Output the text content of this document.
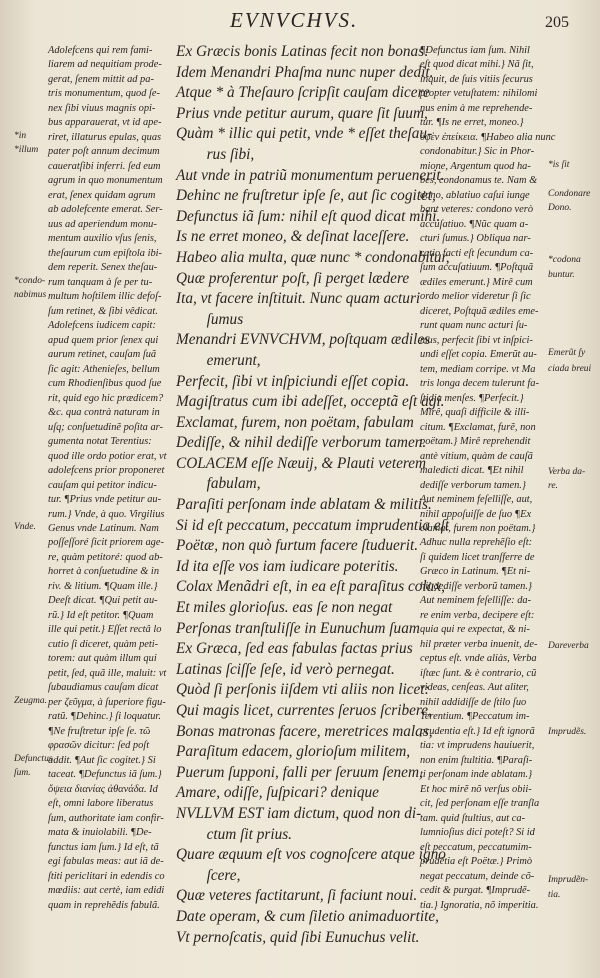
EVNVCHVS.	205
Adolefcens qui rem fami-
liarem ad nequitiam prode-
gerat, ſenem mittit ad pa-
tris monumentum, quod ſe-
nex ſibi viuus magnis opi-
bus apparauerat, vt id ape-
riret, illaturus epulas, quas
pater poſt annum decimum
caueratſibi inferri. ſed eum
agrum in quo monumentum
erat, ſenex quidam agrum
ab adolefcente emerat. Ser-
uus ad aperiendum monu-
mentum auxilio vſus ſenis,
theſaurum cum epiſtola ibi-
dem reperit. Senex theſau-
rum tanquam à ſe per tu-
multum hoſtilem illic defoſ-
ſum retinet, & ſibi vêdicat.
Adolefcens iudicem capit:
apud quem prior ſenex qui
aurum retinet, cauſam ſuã
ſic agit: Athenieſes, bellum
cum Rhodienſibus quod ſue
rit, quid ego hic prædicem?
&c. qua contrà naturam in
uſq; conſuetudinẽ poſita ar-
gumenta notat Terentius:
quod ille ordo potior erat, vt
adolefcens prior proponeret
cauſam qui petitor indicu-
tur. ¶Prius vnde petitur au-
rum.} Vnde, à quo. Virgilius
Genus vnde Latinum. Nam
poſſeſſoré ſicit priorem age-
re, quàm petitoré: quod ab-
horret à conſuetudine & in
riv. & litium. ¶Quam ille.}
Deeſt dicat. ¶Qui petit au-
rũ.} Id eſt petitor. ¶Quam
ille qui petit.} Eſſet rectâ lo
cutio ſi diceret, quàm peti-
torem: aut quàm illum qui
petit, ſed, quã ille, maluit: vt
ſubaudiamus cauſam dicat
per ζεῦγμα, à ſuperiore figu-
ratũ. ¶Dehinc.} ſi loquatur.
¶Ne fruſtretur ipſe ſe. τῶ
φρασῶν dicitur: ſed poſt
addit. ¶Aut ſic cogitet.} Si
taceat. ¶Defunctus iã ſum.}
ὄψεια διανίας ἀθανάδα. Id
eſt, omni labore liberatus
ſum, authoritate iam confir-
mata & inuiolabili. ¶De-
functus iam ſum.} Id eſt, tã
egi fabulas meas: aut iã de-
ſtiti periclitari in edendis co
mœdiis: aut certè, iam edidi
quam in reprehẽdis fabulã.
*in
*illum
*condo-
nabimus
Vnde.
Zeugma.
Defunctus
ſum.
Ex Græcis bonis Latinas fecit non bonas:
Idem Menandri Phaſma nunc nuper dedit.
Atque * à Theſauro ſcripſit cauſam dicere
Prius vnde petitur aurum, quare ſit ſuum,
Quàm * illic qui petit, vnde * eſſet theſau-
rus ſibi,
Aut vnde in patriũ monumentum peruenerit.
Dehinc ne fruſtretur ipſe ſe, aut ſic cogitet,
Defunctus iã ſum: nihil eſt quod dicat mihi.
Is ne erret moneo, & deſinat laceſſere.
Habeo alia multa, quæ nunc * condonabitur,
Quæ proferentur poſt, ſi perget lædere
Ita, vt facere inſtituit. Nunc quam acturi
ſumus
Menandri EVNVCHVM, poſtquam ædiles
emerunt,
Perfecit, ſibi vt inſpiciundi eſſet copia.
Magiſtratus cum ibi adeſſet, occeptã eſt agi.
Exclamat, furem, non poëtam, fabulam
Dediſſe, & nihil dediſſe verborum tamen.
COLACEM eſſe Næuij, & Plauti veterem
fabulam,
Paraſiti perſonam inde ablatam & militis.
Si id eſt peccatum, peccatum imprudentia eſt
Poëtæ, non quò furtum facere ſtuduerit.
Id ita eſſe vos iam iudicare poteritis.
Colax Menãdri eſt, in ea eſt paraſitus colax,
Et miles glorioſus. eas ſe non negat
Perſonas tranſtuliſſe in Eunuchum ſuam
Ex Græca, ſed eas fabulas factas prius
Latinas ſciſſe ſeſe, id verò pernegat.
Quòd ſi perſonis iiſdem vti aliis non licet:
Qui magis licet, currentes ſeruos ſcribere,
Bonas matronas facere, meretrices malas,
Paraſitum edacem, glorioſum militem,
Puerum ſupponi, falli per ſeruum ſenem,
Amare, odiſſe, ſuſpicari? denique
NVLLVM EST iam dictum, quod non di-
ctum ſit prius.
Quare æquum eſt vos cognoſcere atque igno
ſcere,
Quæ veteres factitarunt, ſi faciunt noui.
Date operam, & cum ſiletio animaduortite,
Vt pernoſcatis, quid ſibi Eunuchus velit.
¶Defunctus iam ſum. Nihil
eſt quod dicat mihi.} Nã ſit,
inquit, de ſuis vitiis ſecurus
propter vetuſtatem: nihilomi
nus enim à me reprehende-
tur. ¶Is ne erret, moneo.}
ὑφὲν ἐπείκεια. ¶Habeo alia nunc
condonabitur.} Sic in Phor-
mione, Argentum quod ha-
bes, condonamus te. Nam &
dono, ablatiuo caſui iunge
bant veteres: condono verò
accuſatiuo. ¶Nũc quam a-
cturi ſumus.} Obliqua nar-
ratio facti eſt ſecundum ca-
ſum accuſatiuum. ¶Poſtquã
ædiles emerunt.} Mirê cum
ordo melior videretur ſi ſic
diceret, Poſtquã ædiles eme-
runt quam nunc acturi ſu-
mus, perfecit ſibi vt inſpici-
undi eſſet copia. Emerũt au-
tem, mediam corripe. vt Ma
tris longa decem tulerunt fa-
ſtidia menſes. ¶Perfecit.}
Mirê, quaſi difficile & illi-
citum. ¶Exclamat, furẽ, non
poëtam.} Mirê reprehendit
antè vitium, quàm de cauſã
maledicti dicat. ¶Et nihil
dediſſe verborum tamen.}
Aut neminem feſelliſſe, aut,
nihil appoſuiſſe de ſuo ¶Ex
clamat, furem non poëtam.}
Adhuc nulla reprehẽſio eſt:
ſi quidem licet tranſferre de
Græco in Latinum. ¶Et ni-
hil dediſſe verborũ tamen.}
Aut neminem feſelliſſe: da-
re enim verba, decipere eſt:
quia qui re expectat, & ni-
hil præter verba inuenit, de-
ceptus eſt. vnde aliàs, Verba
iſtæc ſunt. & è contrario, cũ
videas, cenſeas. Aut aliter,
nihil addidiſſe de ſtilo ſuo
Terentium. ¶Peccatum im-
prudentia eſt.} Id eſt ignorã
tia: vt imprudens hauiuerit,
non enim ſtultitia. ¶Paraſi-
ti perſonam inde ablatam.}
Et hoc mirẽ nõ verſus obii-
cit, ſed perſonam eſſe tranſla
tam. quid ſtultius, aut ca-
lumnioſius dici poteſt? Si id
eſt peccatum, peccatumim-
prudẽtia eſt Poëtæ.} Primò
negat peccatum, deinde cõ-
cedit & purgat. ¶Imprudẽ-
tia.} Ignoratia, nõ imperitia.
*is ſit
Condonare
Dono.
*codona
buntur.
Emerũt ſy
ciada breui
Verba da-
re.
Dareverba
Imprudẽs.
Imprudẽn-
tia.
